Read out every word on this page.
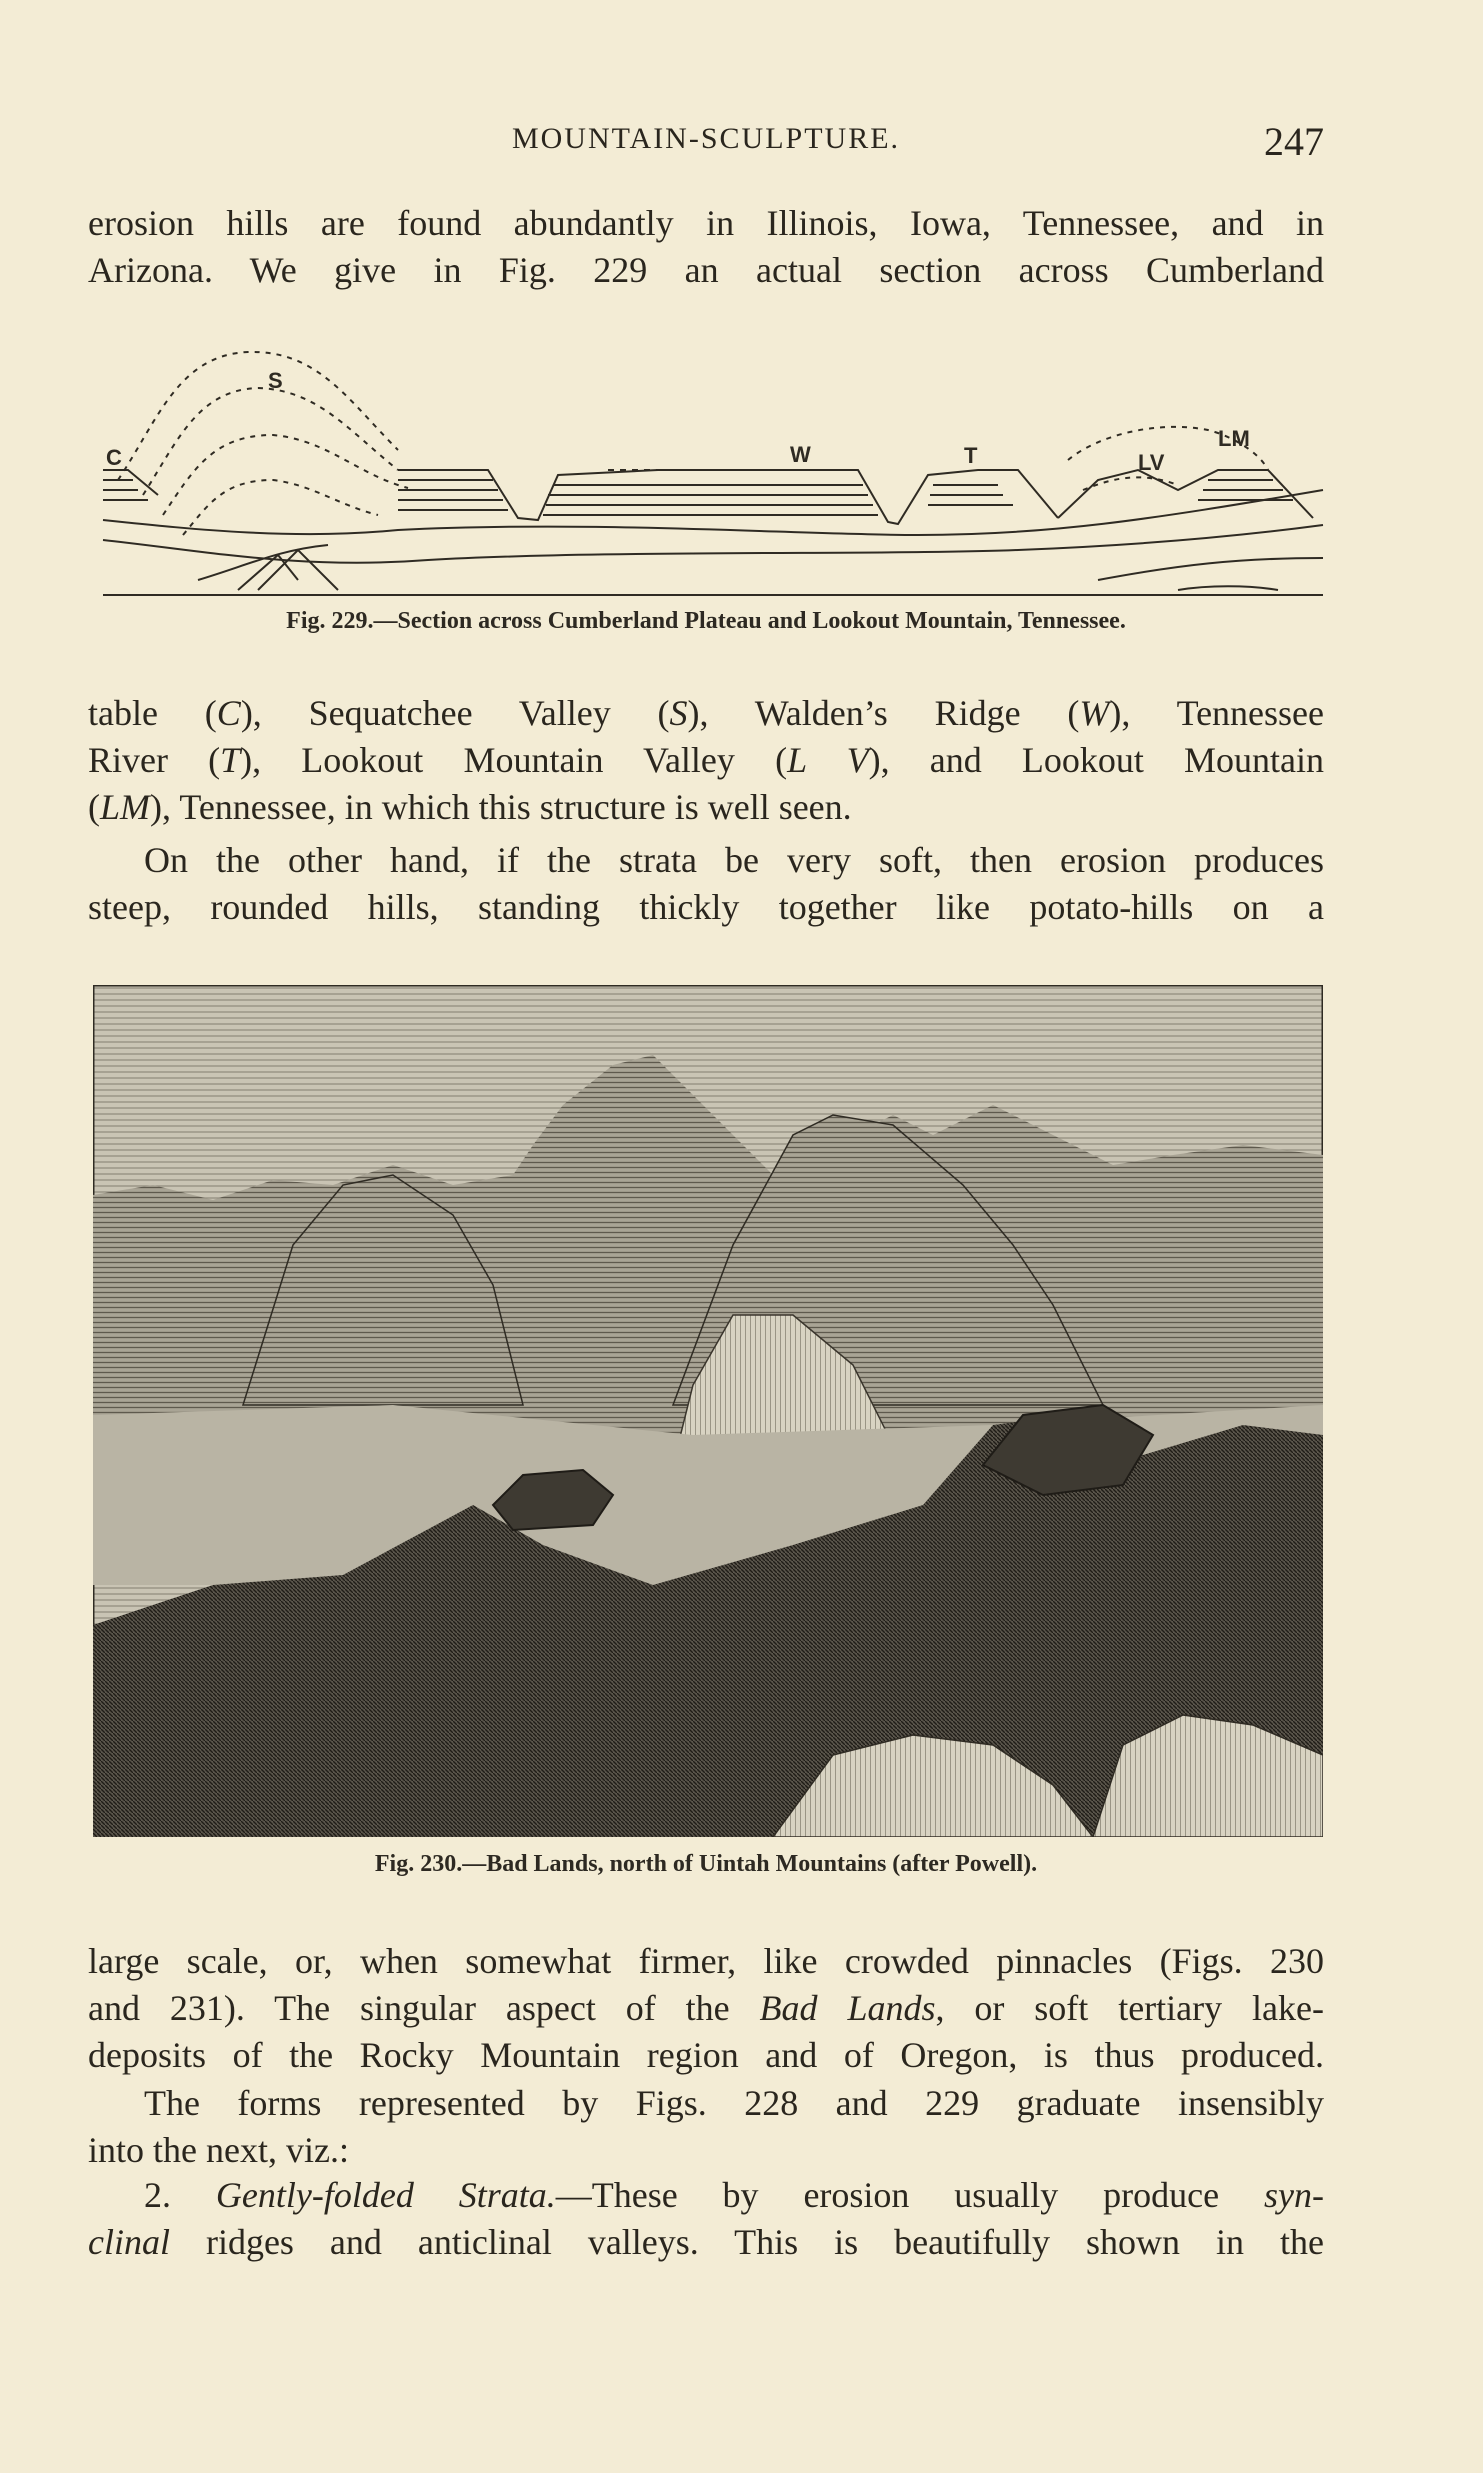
MOUNTAIN-SCULPTURE.	247

erosion hills are found abundantly in Illinois, Iowa, Tennessee, and in
Arizona. We give in Fig. 229 an actual section across Cumberland

C
S
W	T	LV
LM
Fig. 229.—Section across Cumberland Plateau and Lookout Mountain, Tennessee.

table (C), Sequatchee Valley (S), Walden’s Ridge (W), Tennessee
River (T), Lookout Mountain Valley (L V), and Lookout Mountain
(LM), Tennessee, in which this structure is well seen.

On the other hand, if the strata be very soft, then erosion produces
steep, rounded hills, standing thickly together like potato-hills on a

Fig. 230.—Bad Lands, north of Uintah Mountains (after Powell).

large scale, or, when somewhat firmer, like crowded pinnacles (Figs. 230
and 231). The singular aspect of the Bad Lands, or soft tertiary lake-
deposits of the Rocky Mountain region and of Oregon, is thus produced.

The forms represented by Figs. 228 and 229 graduate insensibly
into the next, viz.:

2. Gently-folded Strata.—These by erosion usually produce syn-
clinal ridges and anticlinal valleys. This is beautifully shown in the
